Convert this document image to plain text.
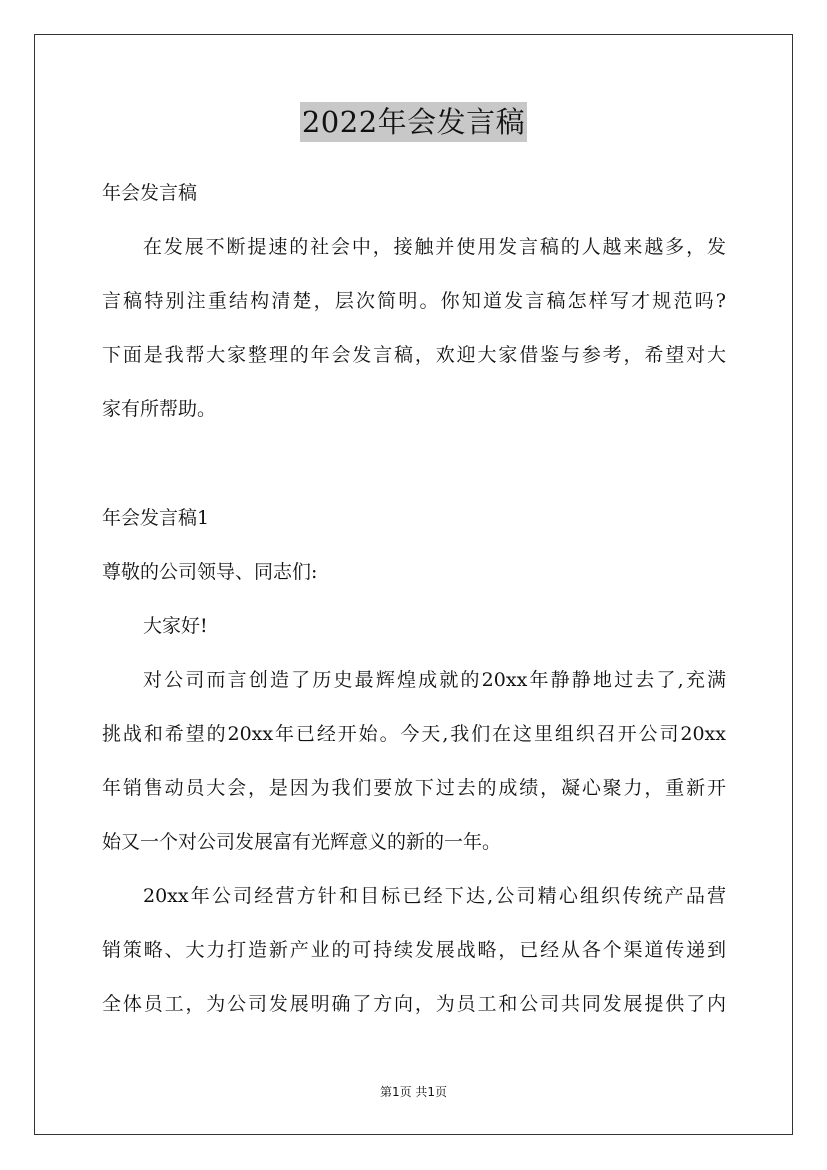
2022年会发言稿
年会发言稿
在发展不断提速的社会中，接触并使用发言稿的人越来越多，发
言稿特别注重结构清楚，层次简明。你知道发言稿怎样写才规范吗?
下面是我帮大家整理的年会发言稿，欢迎大家借鉴与参考，希望对大
家有所帮助。
年会发言稿1
尊敬的公司领导、同志们:
大家好!
对公司而言创造了历史最辉煌成就的20xx年静静地过去了,充满
挑战和希望的20xx年已经开始。今天,我们在这里组织召开公司20xx
年销售动员大会，是因为我们要放下过去的成绩，凝心聚力，重新开
始又一个对公司发展富有光辉意义的新的一年。
20xx年公司经营方针和目标已经下达,公司精心组织传统产品营
销策略、大力打造新产业的可持续发展战略，已经从各个渠道传递到
全体员工，为公司发展明确了方向，为员工和公司共同发展提供了内
第1页 共1页
